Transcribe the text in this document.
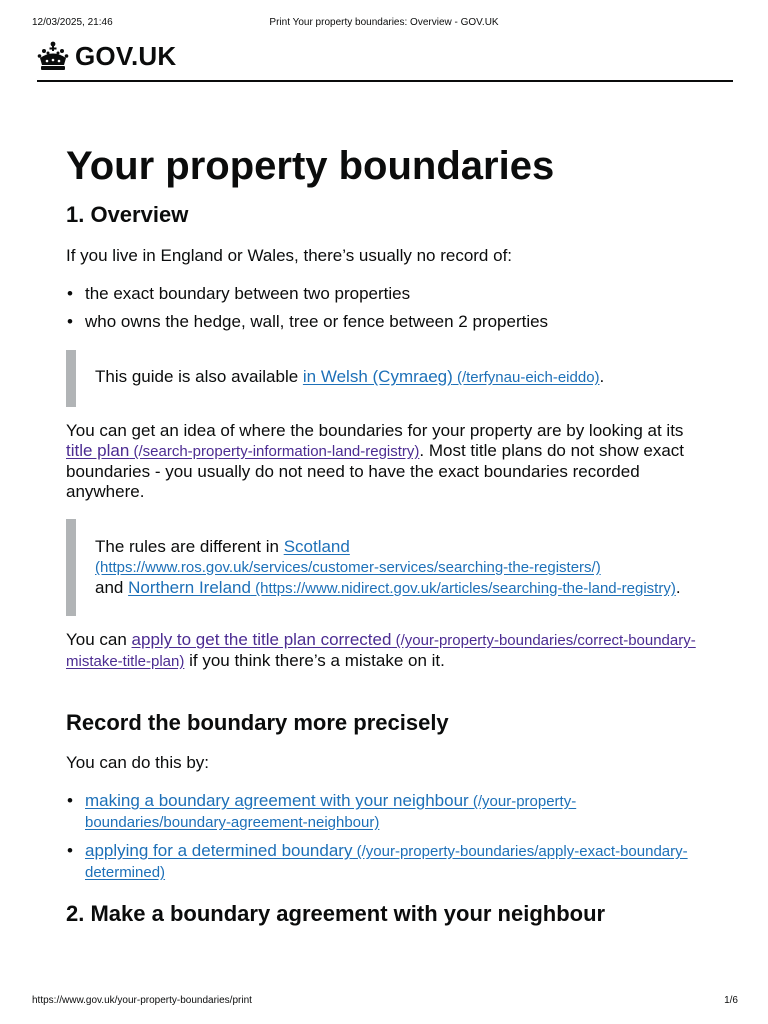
12/03/2025, 21:46	Print Your property boundaries: Overview - GOV.UK
GOV.UK
Your property boundaries
1. Overview

If you live in England or Wales, there’s usually no record of:

• the exact boundary between two properties
• who owns the hedge, wall, tree or fence between 2 properties

This guide is also available in Welsh (Cymraeg) (/terfynau-eich-eiddo).

You can get an idea of where the boundaries for your property are by looking at its title plan (/search-property-information-land-registry). Most title plans do not show exact boundaries - you usually do not need to have the exact boundaries recorded anywhere.

The rules are different in Scotland
(https://www.ros.gov.uk/services/customer-services/searching-the-registers/)
and Northern Ireland (https://www.nidirect.gov.uk/articles/searching-the-land-registry).

You can apply to get the title plan corrected (/your-property-boundaries/correct-boundary-mistake-title-plan) if you think there’s a mistake on it.

Record the boundary more precisely

You can do this by:

• making a boundary agreement with your neighbour (/your-property-boundaries/boundary-agreement-neighbour)
• applying for a determined boundary (/your-property-boundaries/apply-exact-boundary-determined)
2. Make a boundary agreement with your neighbour
https://www.gov.uk/your-property-boundaries/print	1/6
